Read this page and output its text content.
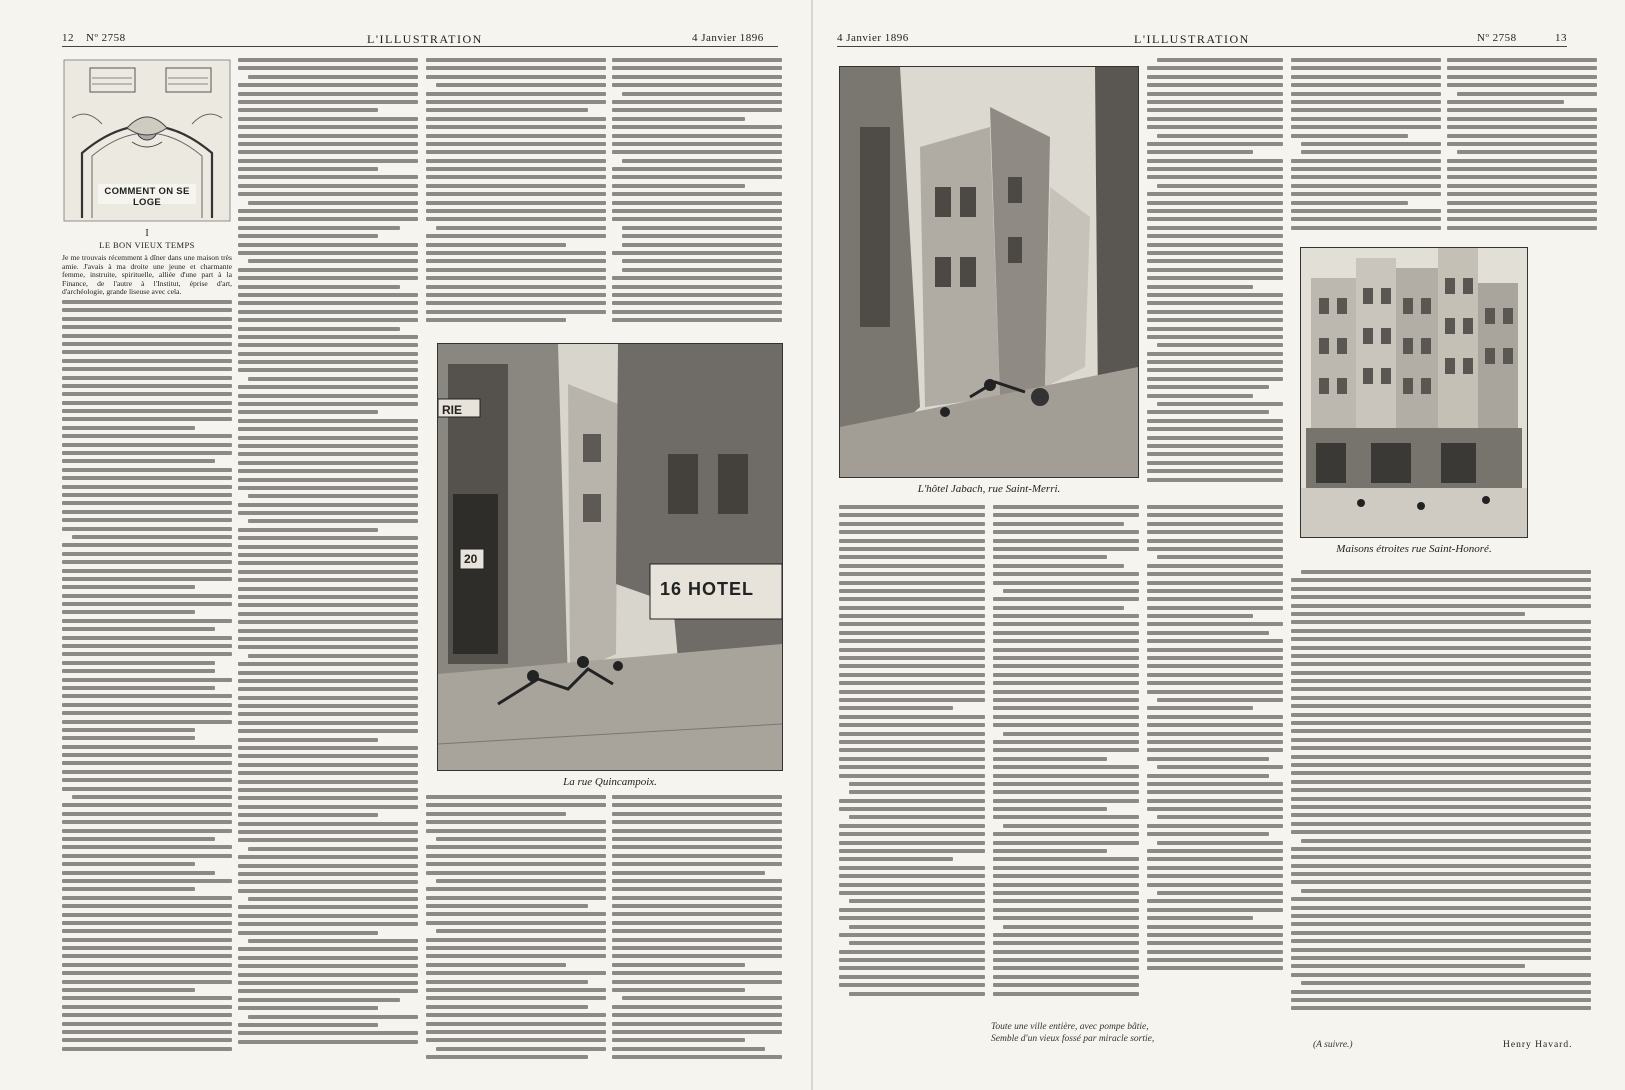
12 Nº 2758	L'ILLUSTRATION	4 Janvier 1896
COMMENT ON SE LOGE
I
LE BON VIEUX TEMPS
Je me trouvais récemment à dîner dans une maison très amie. J'avais à ma droite une jeune et charmante femme, instruite, spirituelle, alliée d'une part à la Finance, de l'autre à l'Institut, éprise d'art, d'archéologie, grande liseuse avec cela.
RIE
20
16 HOTEL
La rue Quincampoix.
4 Janvier 1896	L'ILLUSTRATION	Nº 2758	13
L'hôtel Jabach, rue Saint-Merri.
Maisons étroites rue Saint-Honoré.
Toute une ville entière, avec pompe bâtie,
Semble d'un vieux fossé par miracle sortie,
(A suivre.)	Henry Havard.
